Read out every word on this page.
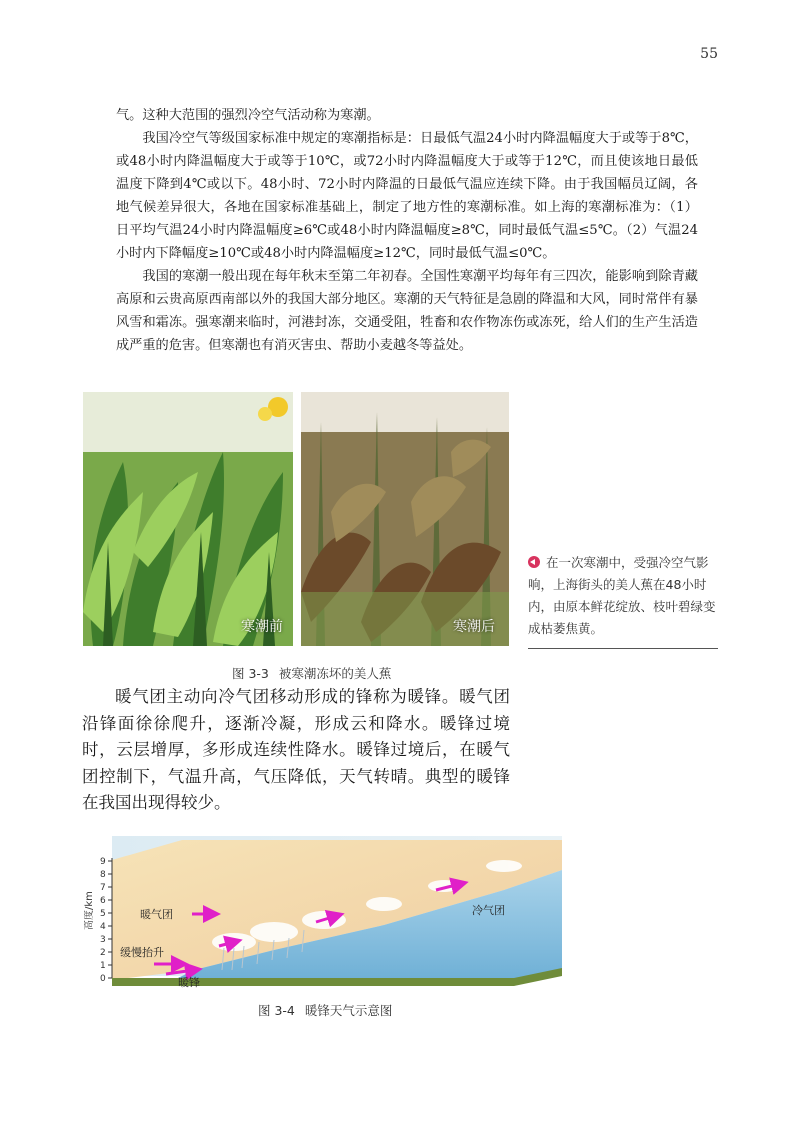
55

气。这种大范围的强烈冷空气活动称为寒潮。

我国冷空气等级国家标准中规定的寒潮指标是：日最低气温24小时内降温幅度大于或等于8℃，或48小时内降温幅度大于或等于10℃，或72小时内降温幅度大于或等于12℃，而且使该地日最低温度下降到4℃或以下。48小时、72小时内降温的日最低气温应连续下降。由于我国幅员辽阔，各地气候差异很大，各地在国家标准基础上，制定了地方性的寒潮标准。如上海的寒潮标准为：（1）日平均气温24小时内降温幅度≥6℃或48小时内降温幅度≥8℃，同时最低气温≤5℃。（2）气温24小时内下降幅度≥10℃或48小时内降温幅度≥12℃，同时最低气温≤0℃。

我国的寒潮一般出现在每年秋末至第二年初春。全国性寒潮平均每年有三四次，能影响到除青藏高原和云贵高原西南部以外的我国大部分地区。寒潮的天气特征是急剧的降温和大风，同时常伴有暴风雪和霜冻。强寒潮来临时，河港封冻，交通受阻，牲畜和农作物冻伤或冻死，给人们的生产生活造成严重的危害。但寒潮也有消灭害虫、帮助小麦越冬等益处。

寒潮前	寒潮后
在一次寒潮中，受强冷空气影响，上海街头的美人蕉在48小时内，由原本鲜花绽放、枝叶碧绿变成枯萎焦黄。
图 3-3 被寒潮冻坏的美人蕉

暖气团主动向冷气团移动形成的锋称为暖锋。暖气团沿锋面徐徐爬升，逐渐冷凝，形成云和降水。暖锋过境时，云层增厚，多形成连续性降水。暖锋过境后，在暖气团控制下，气温升高，气压降低，天气转晴。典型的暖锋在我国出现得较少。

0
1
2
3
4
5
6
7
8
9
高度/km	暖气团	冷气团
缓慢抬升
暖锋
图 3-4 暖锋天气示意图
